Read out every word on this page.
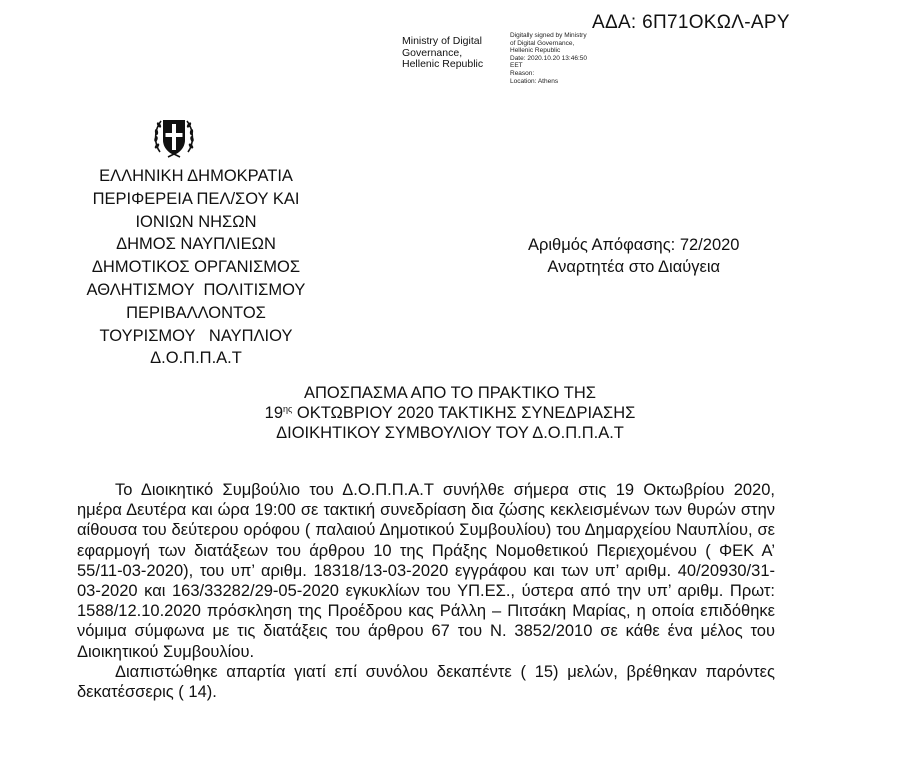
ΑΔΑ: 6Π71ΟΚΩΛ-ΑΡΥ
Ministry of Digital
Governance,
Hellenic Republic
Digitally signed by Ministry
of Digital Governance,
Hellenic Republic
Date: 2020.10.20 13:46:50
EET
Reason:
Location: Athens
ΕΛΛΗΝΙΚΗ ΔΗΜΟΚΡΑΤΙΑ
ΠΕΡΙΦΕΡΕΙΑ ΠΕΛ/ΣΟΥ ΚΑΙ
ΙΟΝΙΩΝ ΝΗΣΩΝ
ΔΗΜΟΣ ΝΑΥΠΛΙΕΩΝ
ΔΗΜΟΤΙΚΟΣ ΟΡΓΑΝΙΣΜΟΣ
ΑΘΛΗΤΙΣΜΟΥ  ΠΟΛΙΤΙΣΜΟΥ
ΠΕΡΙΒΑΛΛΟΝΤΟΣ
ΤΟΥΡΙΣΜΟΥ   ΝΑΥΠΛΙΟΥ
Δ.Ο.Π.Π.Α.Τ
Αριθμός Απόφασης: 72/2020
Αναρτητέα στο Διαύγεια
ΑΠΟΣΠΑΣΜΑ ΑΠΟ ΤΟ ΠΡΑΚΤΙΚΟ ΤΗΣ
$19^{\eta\varsigma}$ ΟΚΤΩΒΡΙΟΥ 2020 ΤΑΚΤΙΚΗΣ ΣΥΝΕΔΡΙΑΣΗΣ
ΔΙΟΙΚΗΤΙΚΟΥ ΣΥΜΒΟΥΛΙΟΥ ΤΟΥ Δ.Ο.Π.Π.Α.Τ

Το Διοικητικό Συμβούλιο του Δ.Ο.Π.Π.Α.Τ συνήλθε σήμερα στις 19 Οκτωβρίου 2020, ημέρα Δευτέρα και ώρα 19:00 σε τακτική συνεδρίαση δια ζώσης κεκλεισμένων των θυρών στην αίθουσα του δεύτερου ορόφου ( παλαιού Δημοτικού Συμβουλίου) του Δημαρχείου Ναυπλίου, σε εφαρμογή των διατάξεων του άρθρου 10 της Πράξης Νομοθετικού Περιεχομένου ( ΦΕΚ Α’ 55/11-03-2020), του υπ’ αριθμ. 18318/13-03-2020 εγγράφου και των υπ’ αριθμ. 40/20930/31-03-2020 και 163/33282/29-05-2020 εγκυκλίων του ΥΠ.ΕΣ., ύστερα από την υπ’ αριθμ. Πρωτ: 1588/12.10.2020 πρόσκληση της Προέδρου κας Ράλλη – Πιτσάκη Μαρίας, η οποία επιδόθηκε νόμιμα σύμφωνα με τις διατάξεις του άρθρου 67 του Ν. 3852/2010 σε κάθε ένα μέλος του Διοικητικού Συμβουλίου.

Διαπιστώθηκε απαρτία γιατί επί συνόλου δεκαπέντε ( 15) μελών, βρέθηκαν παρόντες δεκατέσσερις ( 14).
